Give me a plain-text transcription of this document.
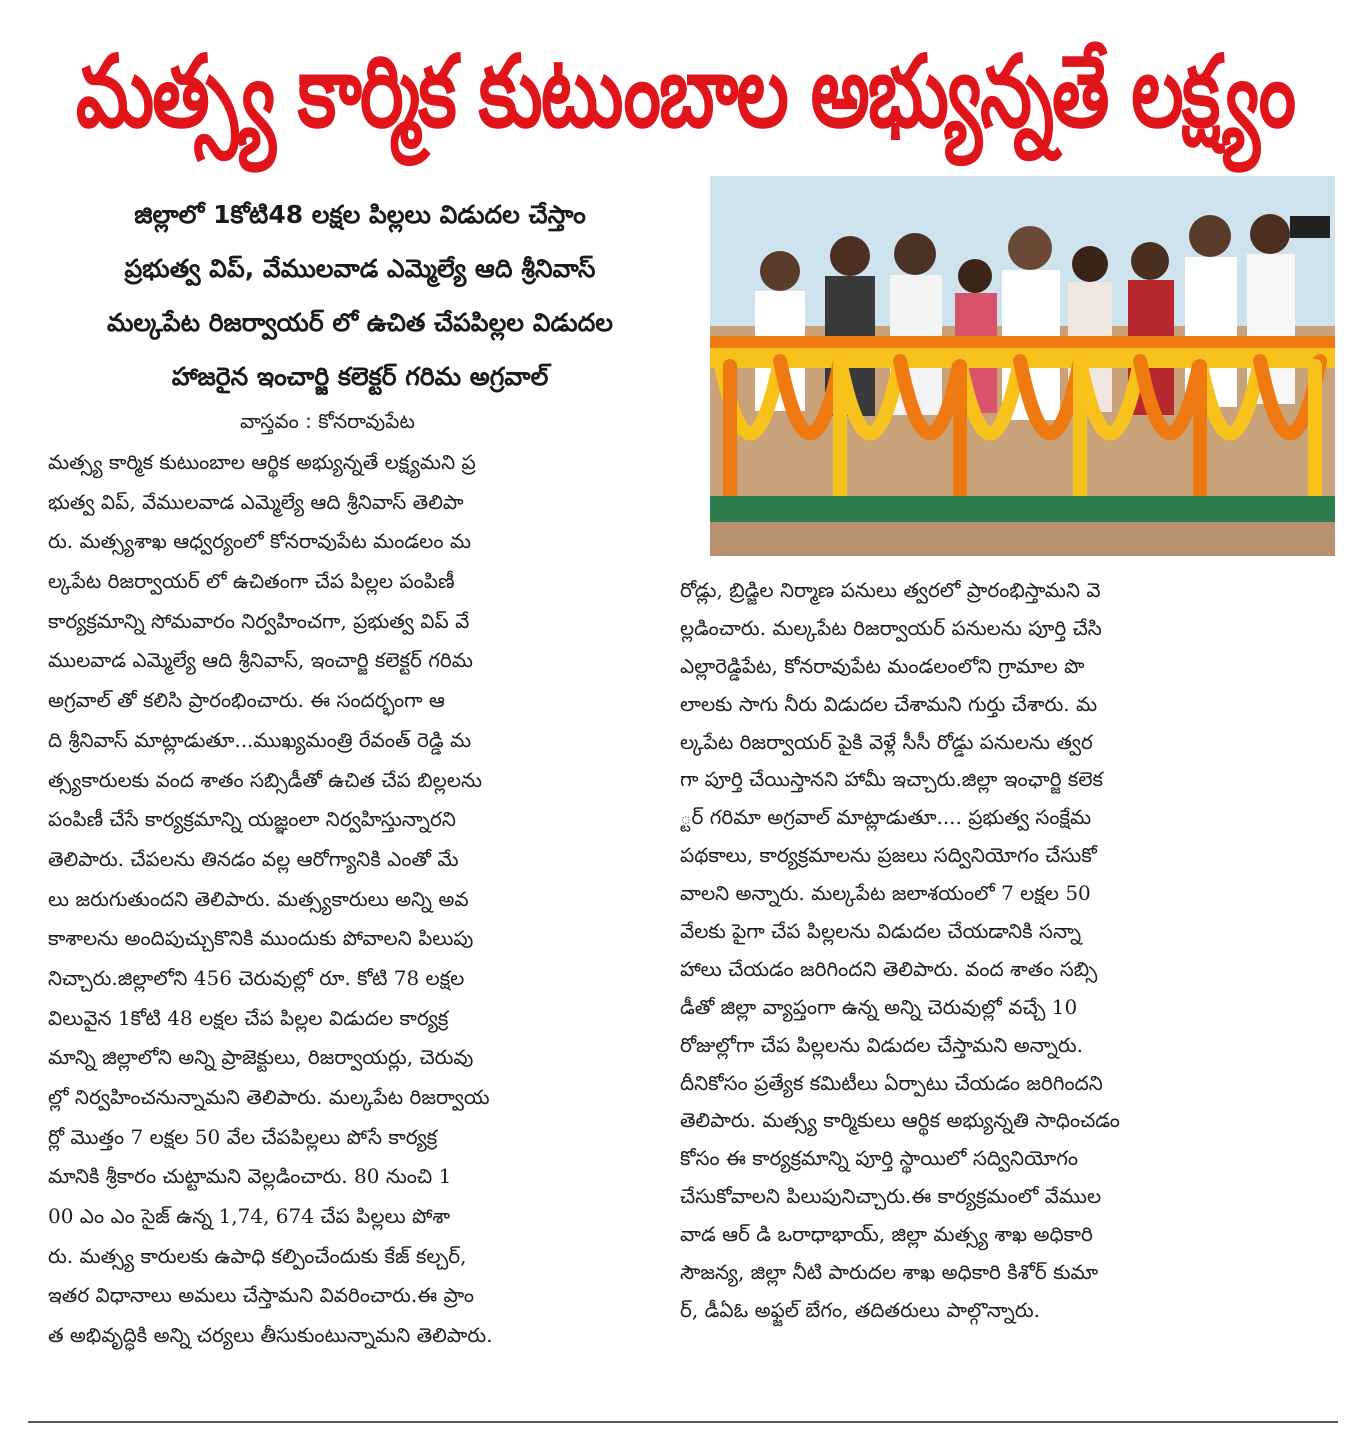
మత్స్య కార్మిక కుటుంబాల అభ్యున్నతే లక్ష్యం
జిల్లాలో 1కోటి48 లక్షల పిల్లలు విడుదల చేస్తాం
ప్రభుత్వ విప్, వేములవాడ ఎమ్మెల్యే ఆది శ్రీనివాస్
మల్కపేట రిజర్వాయర్ లో ఉచిత చేపపిల్లల విడుదల
హాజరైన ఇంచార్జి కలెక్టర్ గరిమ అగ్రవాల్
వాస్తవం : కోనరావుపేట
మత్స్య కార్మిక కుటుంబాల ఆర్థిక అభ్యున్నతే లక్ష్యమని ప్ర
భుత్వ విప్, వేములవాడ ఎమ్మెల్యే ఆది శ్రీనివాస్ తెలిపా
రు. మత్స్యశాఖ ఆధ్వర్యంలో కోనరావుపేట మండలం మ
ల్కపేట రిజర్వాయర్ లో ఉచితంగా చేప పిల్లల పంపిణీ
కార్యక్రమాన్ని సోమవారం నిర్వహించగా, ప్రభుత్వ విప్ వే
ములవాడ ఎమ్మెల్యే ఆది శ్రీనివాస్, ఇంచార్జి కలెక్టర్ గరిమ
అగ్రవాల్ తో కలిసి ప్రారంభించారు. ఈ సందర్భంగా ఆ
ది శ్రీనివాస్ మాట్లాడుతూ...ముఖ్యమంత్రి రేవంత్ రెడ్డి మ
త్స్యకారులకు వంద శాతం సబ్సిడీతో ఉచిత చేప బిల్లలను
పంపిణీ చేసే కార్యక్రమాన్ని యజ్ఞంలా నిర్వహిస్తున్నారని
తెలిపారు. చేపలను తినడం వల్ల ఆరోగ్యానికి ఎంతో మే
లు జరుగుతుందని తెలిపారు. మత్స్యకారులు అన్ని అవ
కాశాలను అందిపుచ్చుకొనికి ముందుకు పోవాలని పిలుపు
నిచ్చారు.జిల్లాలోని 456 చెరువుల్లో రూ. కోటి 78 లక్షల
విలువైన 1కోటి 48 లక్షల చేప పిల్లల విడుదల కార్యక్ర
మాన్ని జిల్లాలోని అన్ని ప్రాజెక్టులు, రిజర్వాయర్లు, చెరువు
ల్లో నిర్వహించనున్నామని తెలిపారు. మల్కపేట రిజర్వాయ
ర్లో మొత్తం 7 లక్షల 50 వేల చేపపిల్లలు పోసే కార్యక్ర
మానికి శ్రీకారం చుట్టామని వెల్లడించారు. 80 నుంచి 1
00 ఎం ఎం సైజ్ ఉన్న 1,74, 674 చేప పిల్లలు పోశా
రు. మత్స్య కారులకు ఉపాధి కల్పించేందుకు కేజ్ కల్చర్,
ఇతర విధానాలు అమలు చేస్తామని వివరించారు.ఈ ప్రాం
త అభివృద్ధికి అన్ని చర్యలు తీసుకుంటున్నామని తెలిపారు.
రోడ్లు, బ్రిడ్జిల నిర్మాణ పనులు త్వరలో ప్రారంభిస్తామని వె
ల్లడించారు. మల్కపేట రిజర్వాయర్ పనులను పూర్తి చేసి
ఎల్లారెడ్డిపేట, కోనరావుపేట మండలంలోని గ్రామాల పొ
లాలకు సాగు నీరు విడుదల చేశామని గుర్తు చేశారు. మ
ల్కపేట రిజర్వాయర్ పైకి వెళ్లే సీసీ రోడ్డు పనులను త్వర
గా పూర్తి చేయిస్తానని హామీ ఇచ్చారు.జిల్లా ఇంఛార్జి కలెక
్టర్ గరిమా అగ్రవాల్ మాట్లాడుతూ.... ప్రభుత్వ సంక్షేమ
పథకాలు, కార్యక్రమాలను ప్రజలు సద్వినియోగం చేసుకో
వాలని అన్నారు. మల్కపేట జలాశయంలో 7 లక్షల 50
వేలకు పైగా చేప పిల్లలను విడుదల చేయడానికి సన్నా
హాలు చేయడం జరిగిందని తెలిపారు. వంద శాతం సబ్సి
డీతో జిల్లా వ్యాప్తంగా ఉన్న అన్ని చెరువుల్లో వచ్చే 10
రోజుల్లోగా చేప పిల్లలను విడుదల చేస్తామని అన్నారు.
దీనికోసం ప్రత్యేక కమిటీలు ఏర్పాటు చేయడం జరిగిందని
తెలిపారు. మత్స్య కార్మికులు ఆర్థిక అభ్యున్నతి సాధించడం
కోసం ఈ కార్యక్రమాన్ని పూర్తి స్థాయిలో సద్వినియోగం
చేసుకోవాలని పిలుపునిచ్చారు.ఈ కార్యక్రమంలో వేముల
వాడ ఆర్ డి ఒరాధాభాయ్, జిల్లా మత్స్య శాఖ అధికారి
సౌజన్య, జిల్లా నీటి పారుదల శాఖ అధికారి కిశోర్ కుమా
ర్, డీఏఓ అఫ్జల్ బేగం, తదితరులు పాల్గొన్నారు.
